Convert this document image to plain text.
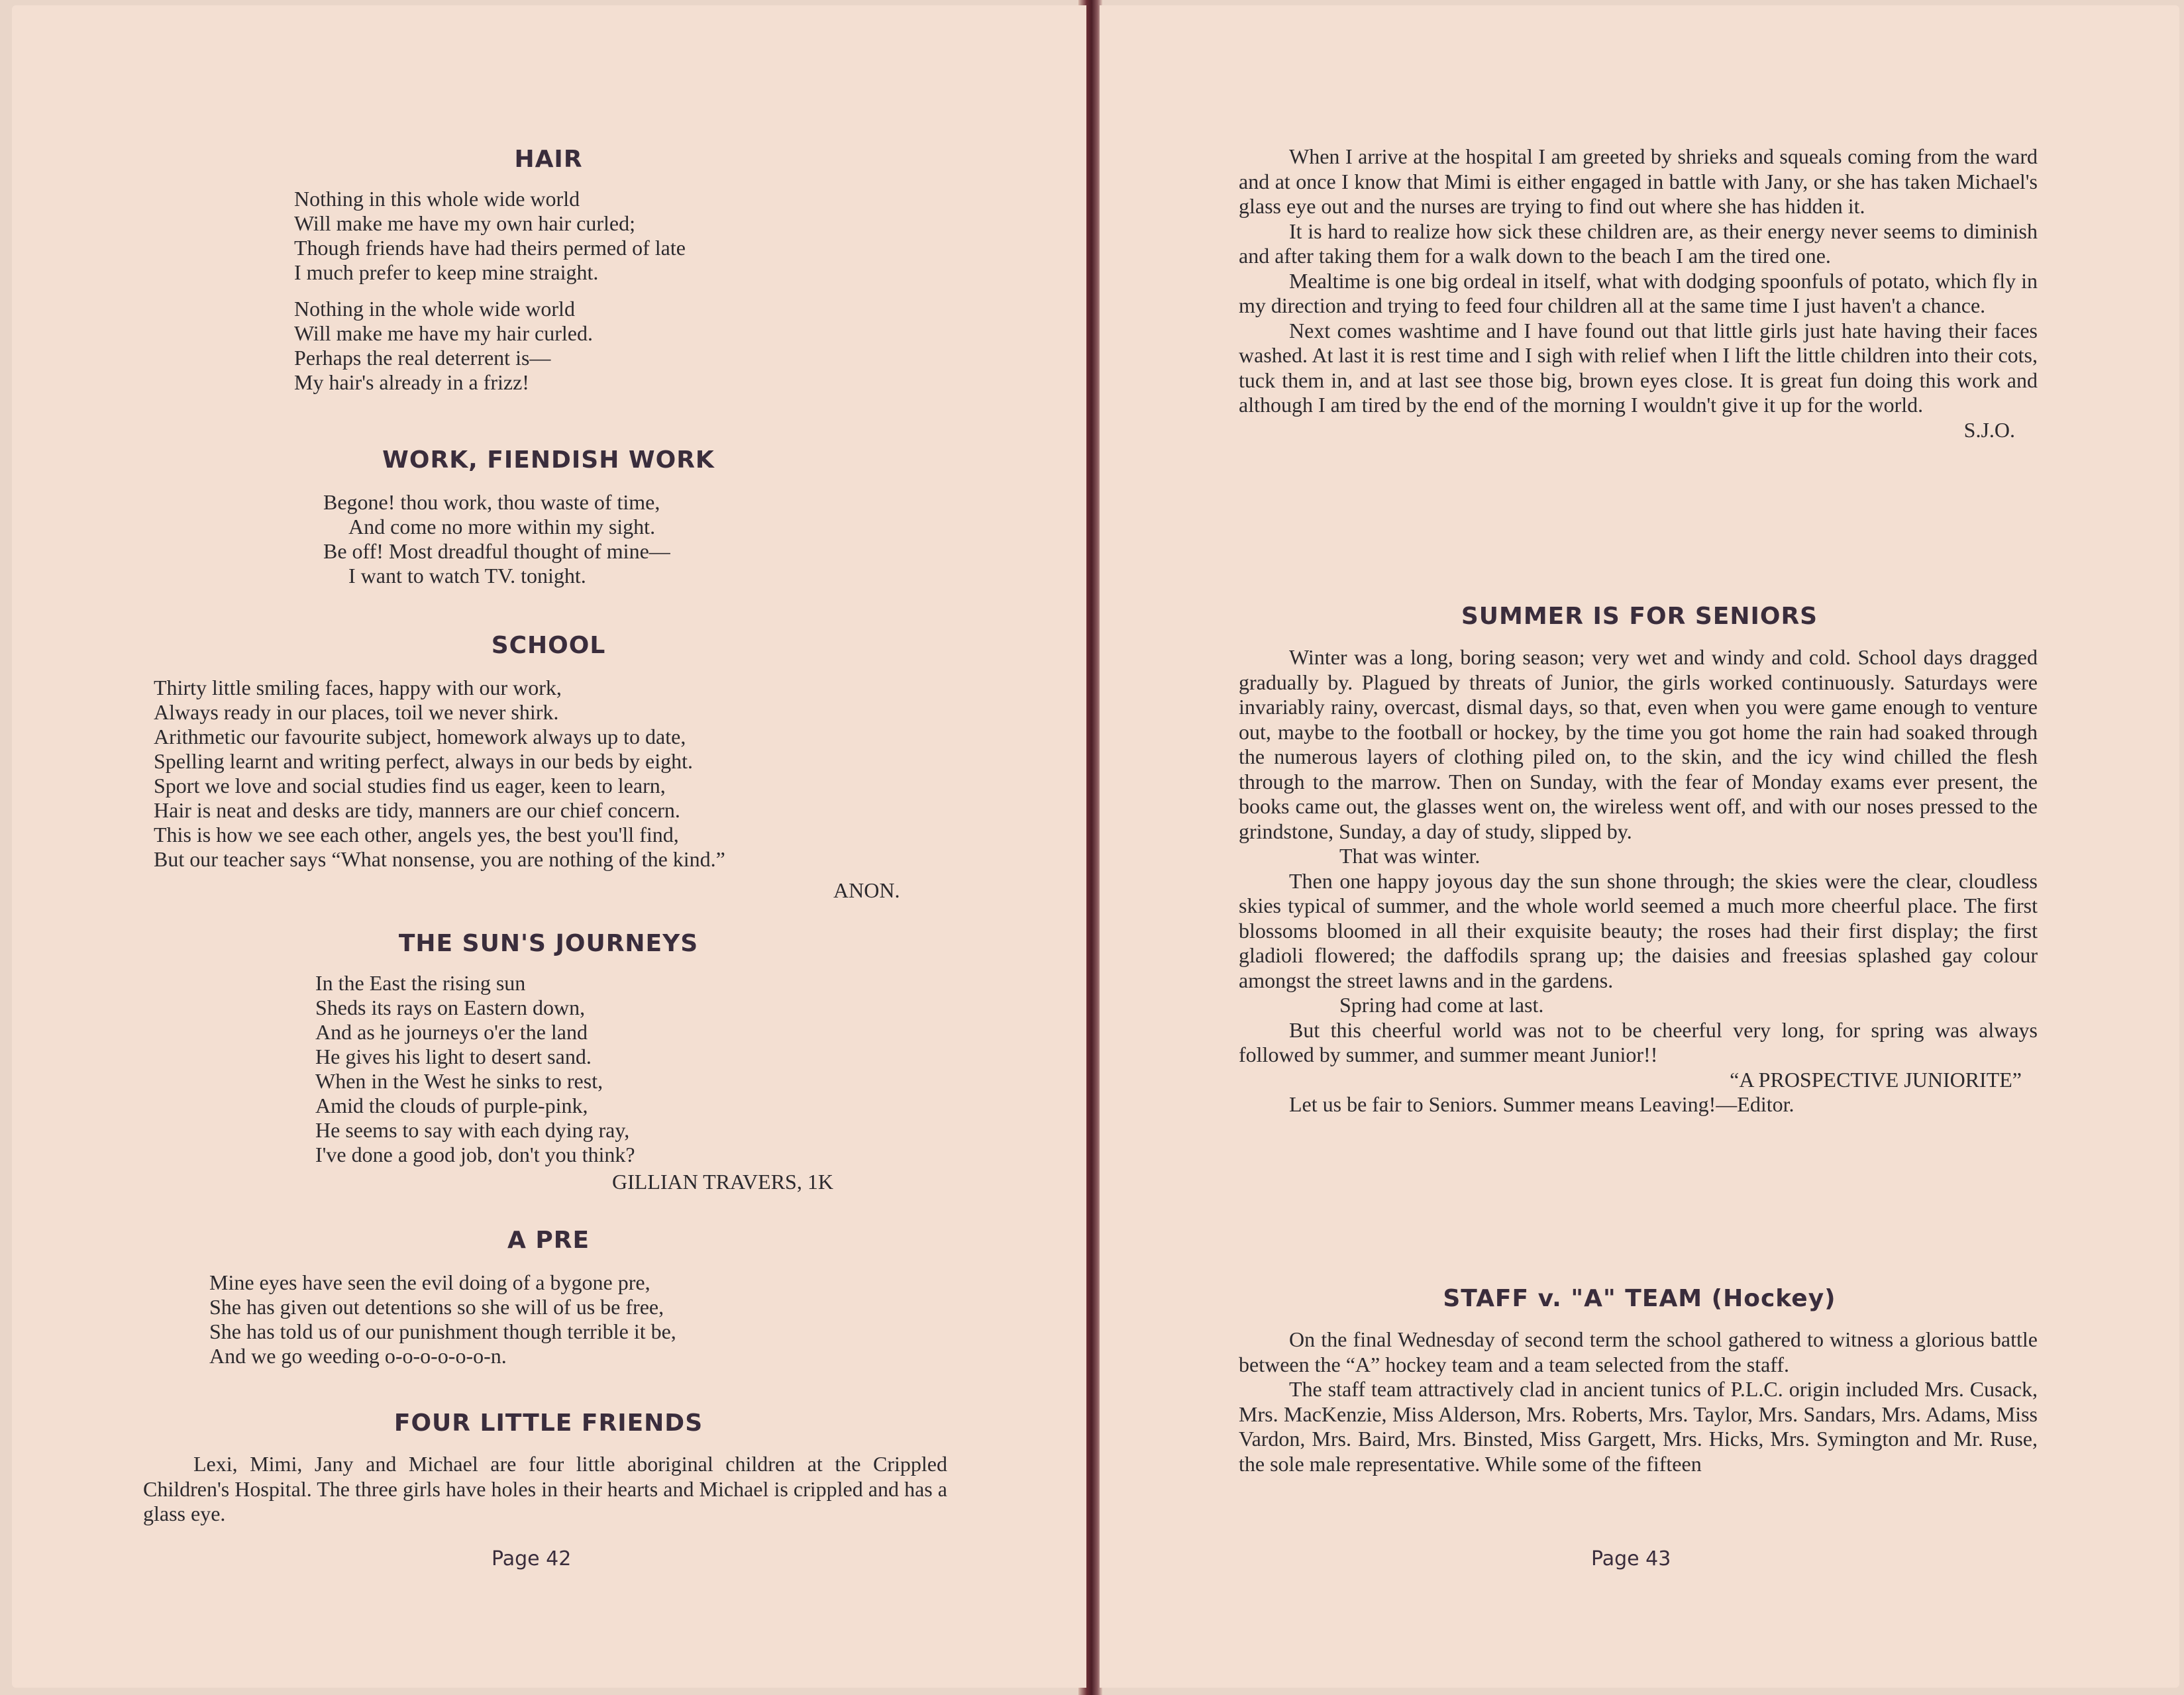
HAIR
Nothing in this whole wide world
Will make me have my own hair curled;
Though friends have had theirs permed of late
I much prefer to keep mine straight.
Nothing in the whole wide world
Will make me have my hair curled.
Perhaps the real deterrent is—
My hair's already in a frizz!
WORK, FIENDISH WORK
Begone! thou work, thou waste of time,
And come no more within my sight.
Be off! Most dreadful thought of mine—
I want to watch TV. tonight.
SCHOOL
Thirty little smiling faces, happy with our work,
Always ready in our places, toil we never shirk.
Arithmetic our favourite subject, homework always up to date,
Spelling learnt and writing perfect, always in our beds by eight.
Sport we love and social studies find us eager, keen to learn,
Hair is neat and desks are tidy, manners are our chief concern.
This is how we see each other, angels yes, the best you'll find,
But our teacher says “What nonsense, you are nothing of the kind.”
ANON.
THE SUN'S JOURNEYS
In the East the rising sun
Sheds its rays on Eastern down,
And as he journeys o'er the land
He gives his light to desert sand.
When in the West he sinks to rest,
Amid the clouds of purple-pink,
He seems to say with each dying ray,
I've done a good job, don't you think?
GILLIAN TRAVERS, 1K
A PRE
Mine eyes have seen the evil doing of a bygone pre,
She has given out detentions so she will of us be free,
She has told us of our punishment though terrible it be,
And we go weeding o-o-o-o-o-o-n.
FOUR LITTLE FRIENDS

Lexi, Mimi, Jany and Michael are four little aboriginal children at the Crippled Children's Hospital. The three girls have holes in their hearts and Michael is crippled and has a glass eye.

Page 42

When I arrive at the hospital I am greeted by shrieks and squeals coming from the ward and at once I know that Mimi is either engaged in battle with Jany, or she has taken Michael's glass eye out and the nurses are trying to find out where she has hidden it.

It is hard to realize how sick these children are, as their energy never seems to diminish and after taking them for a walk down to the beach I am the tired one.

Mealtime is one big ordeal in itself, what with dodging spoonfuls of potato, which fly in my direction and trying to feed four children all at the same time I just haven't a chance.

Next comes washtime and I have found out that little girls just hate having their faces washed. At last it is rest time and I sigh with relief when I lift the little children into their cots, tuck them in, and at last see those big, brown eyes close. It is great fun doing this work and although I am tired by the end of the morning I wouldn't give it up for the world.

S.J.O.

SUMMER IS FOR SENIORS

Winter was a long, boring season; very wet and windy and cold. School days dragged gradually by. Plagued by threats of Junior, the girls worked continuously. Saturdays were invariably rainy, overcast, dismal days, so that, even when you were game enough to venture out, maybe to the football or hockey, by the time you got home the rain had soaked through the numerous layers of clothing piled on, to the skin, and the icy wind chilled the flesh through to the marrow. Then on Sunday, with the fear of Monday exams ever present, the books came out, the glasses went on, the wireless went off, and with our noses pressed to the grindstone, Sunday, a day of study, slipped by.

That was winter.

Then one happy joyous day the sun shone through; the skies were the clear, cloudless skies typical of summer, and the whole world seemed a much more cheerful place. The first blossoms bloomed in all their exquisite beauty; the roses had their first display; the first gladioli flowered; the daffodils sprang up; the daisies and freesias splashed gay colour amongst the street lawns and in the gardens.

Spring had come at last.

But this cheerful world was not to be cheerful very long, for spring was always followed by summer, and summer meant Junior!!

“A PROSPECTIVE JUNIORITE”

Let us be fair to Seniors. Summer means Leaving!—Editor.

STAFF v. "A" TEAM (Hockey)

On the final Wednesday of second term the school gathered to witness a glorious battle between the “A” hockey team and a team selected from the staff.

The staff team attractively clad in ancient tunics of P.L.C. origin included Mrs. Cusack, Mrs. MacKenzie, Miss Alderson, Mrs. Roberts, Mrs. Taylor, Mrs. Sandars, Mrs. Adams, Miss Vardon, Mrs. Baird, Mrs. Binsted, Miss Gargett, Mrs. Hicks, Mrs. Symington and Mr. Ruse, the sole male representative. While some of the fifteen

Page 43
